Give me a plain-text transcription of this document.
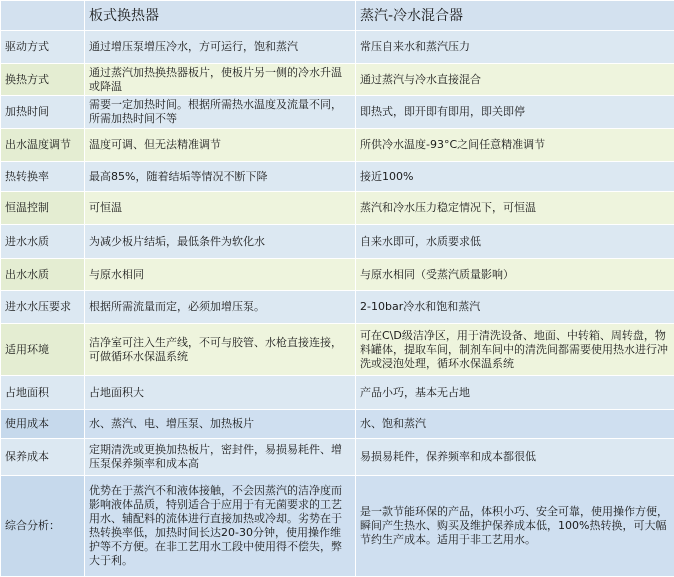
	板式换热器	蒸汽-冷水混合器
驱动方式	通过增压泵增压冷水，方可运行，饱和蒸汽	常压自来水和蒸汽压力
换热方式	通过蒸汽加热换热器板片，使板片另一侧的冷水升温或降温	通过蒸汽与冷水直接混合
加热时间	需要一定加热时间。根据所需热水温度及流量不同，所需加热时间不等	即热式，即开即有即用，即关即停
出水温度调节	温度可调、但无法精准调节	所供冷水温度-93°C之间任意精准调节
热转换率	最高85%，随着结垢等情况不断下降	接近100%
恒温控制	可恒温	蒸汽和冷水压力稳定情况下，可恒温
进水水质	为减少板片结垢，最低条件为软化水	自来水即可，水质要求低
出水水质	与原水相同	与原水相同（受蒸汽质量影响）
进水水压要求	根据所需流量而定，必须加增压泵。	2-10bar冷水和饱和蒸汽
适用环境	洁净室可注入生产线，不可与胶管、水枪直接连接，可做循环水保温系统	可在C\D级洁净区，用于清洗设备、地面、中转箱、周转盘，物料罐体，提取车间，制剂车间中的清洗间都需要使用热水进行冲洗或浸泡处理，循环水保温系统
占地面积	占地面积大	产品小巧，基本无占地
使用成本	水、蒸汽、电、增压泵、加热板片	水、饱和蒸汽
保养成本	定期清洗或更换加热板片，密封件，易损易耗件、增压泵保养频率和成本高	易损易耗件，保养频率和成本都很低
综合分析：	优势在于蒸汽不和液体接触，不会因蒸汽的洁净度而影响液体品质，特别适合于应用于有无菌要求的工艺用水、辅配料的流体进行直接加热或冷却。劣势在于热转换率低，加热时间长达20-30分钟，使用操作维护等不方便。在非工艺用水工段中使用得不偿失，弊大于利。	是一款节能环保的产品，体积小巧、安全可靠，使用操作方便，瞬间产生热水、购买及维护保养成本低，100%热转换，可大幅节约生产成本。适用于非工艺用水。
